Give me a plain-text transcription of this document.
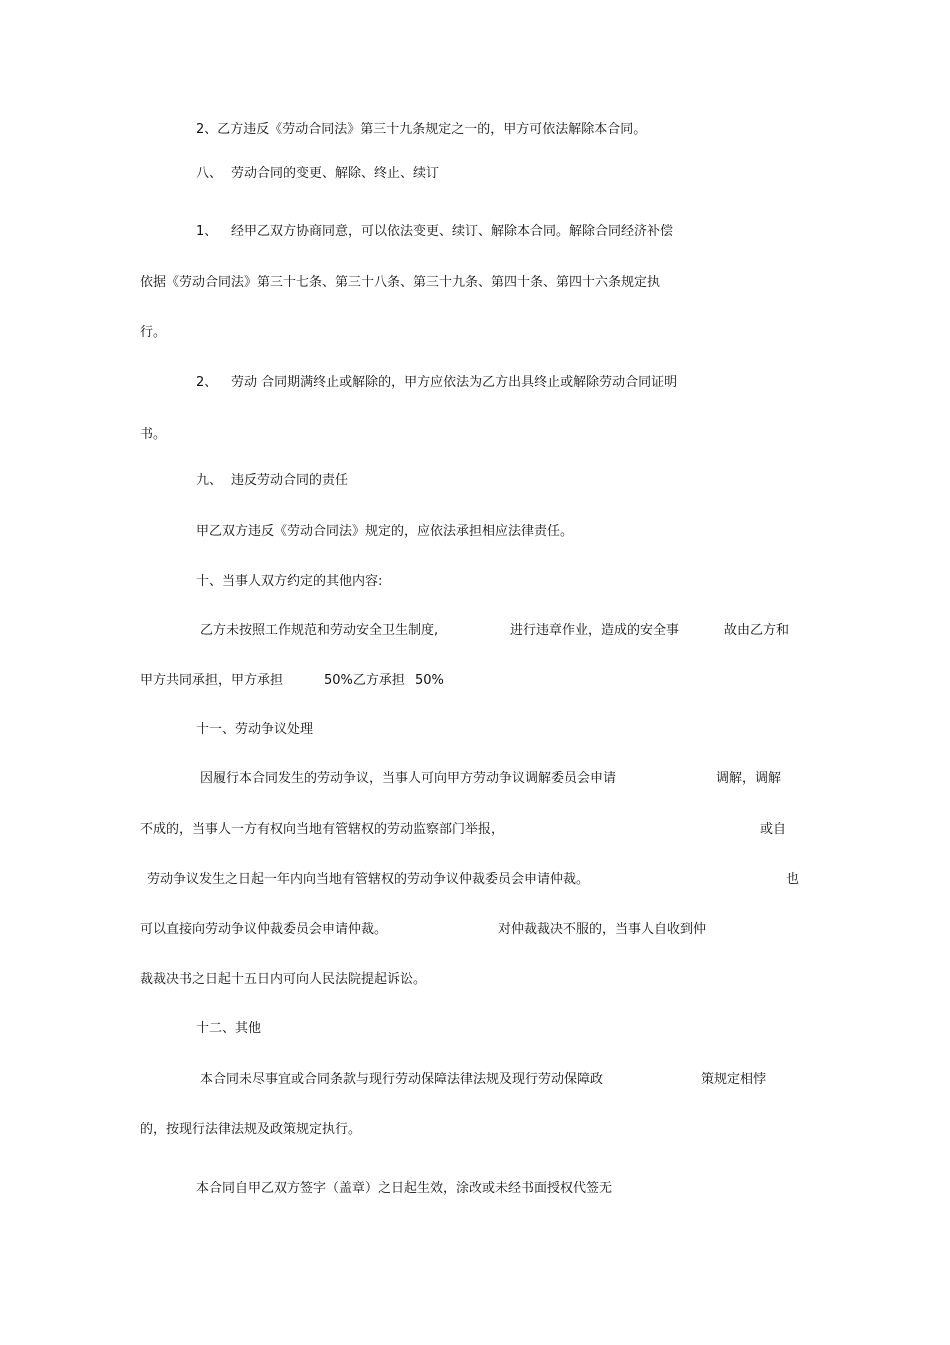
2、乙方违反《劳动合同法》第三十九条规定之一的，甲方可依法解除本合同。
八、 劳动合同的变更、解除、终止、续订
1、 经甲乙双方协商同意，可以依法变更、续订、解除本合同。解除合同经济补偿
依据《劳动合同法》第三十七条、第三十八条、第三十九条、第四十条、第四十六条规定执
行。
2、 劳动 合同期满终止或解除的，甲方应依法为乙方出具终止或解除劳动合同证明
书。
九、 违反劳动合同的责任
甲乙双方违反《劳动合同法》规定的，应依法承担相应法律责任。
十、当事人双方约定的其他内容:
乙方未按照工作规范和劳动安全卫生制度,	进行违章作业，造成的安全事	故由乙方和
甲方共同承担，甲方承担	50%乙方承担 50%
十一、劳动争议处理
因履行本合同发生的劳动争议，当事人可向甲方劳动争议调解委员会申请	调解，调解
不成的，当事人一方有权向当地有管辖权的劳动监察部门举报，	或自
劳动争议发生之日起一年内向当地有管辖权的劳动争议仲裁委员会申请仲裁。	也
可以直接向劳动争议仲裁委员会申请仲裁。	对仲裁裁决不服的，当事人自收到仲
裁裁决书之日起十五日内可向人民法院提起诉讼。
十二、其他
本合同未尽事宜或合同条款与现行劳动保障法律法规及现行劳动保障政	策规定相悖
的，按现行法律法规及政策规定执行。
本合同自甲乙双方签字（盖章）之日起生效，涂改或未经书面授权代签无
